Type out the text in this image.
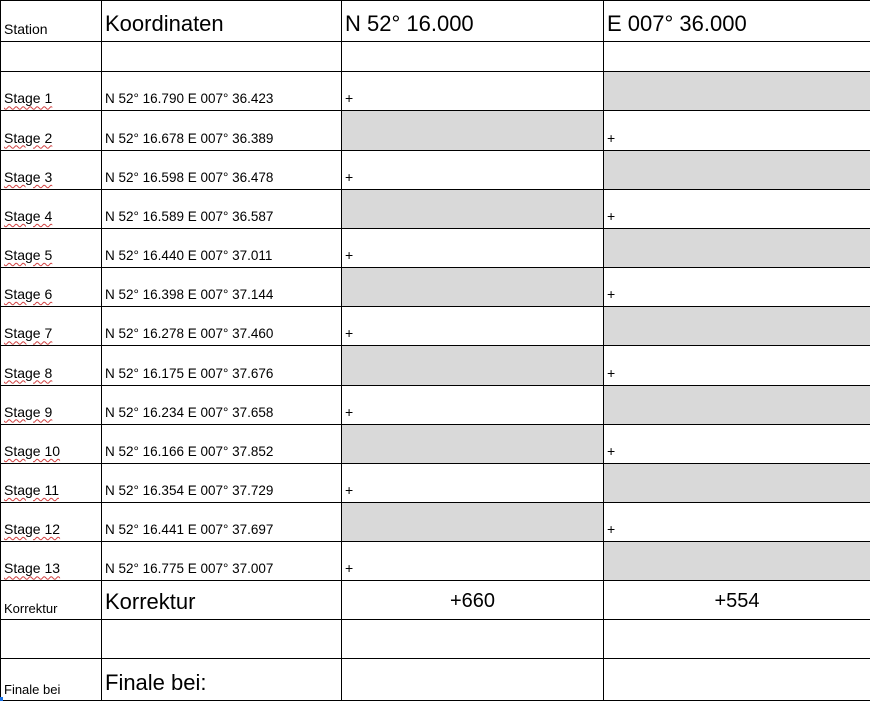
Station	Koordinaten	N 52° 16.000	E 007° 36.000

Stage 1	N 52° 16.790 E 007° 36.423	+	
Stage 2	N 52° 16.678 E 007° 36.389		+
Stage 3	N 52° 16.598 E 007° 36.478	+	
Stage 4	N 52° 16.589 E 007° 36.587		+
Stage 5	N 52° 16.440 E 007° 37.011	+	
Stage 6	N 52° 16.398 E 007° 37.144		+
Stage 7	N 52° 16.278 E 007° 37.460	+	
Stage 8	N 52° 16.175 E 007° 37.676		+
Stage 9	N 52° 16.234 E 007° 37.658	+	
Stage 10	N 52° 16.166 E 007° 37.852		+
Stage 11	N 52° 16.354 E 007° 37.729	+	
Stage 12	N 52° 16.441 E 007° 37.697		+
Stage 13	N 52° 16.775 E 007° 37.007	+	
Korrektur	Korrektur	+660	+554

Finale bei	Finale bei:		
